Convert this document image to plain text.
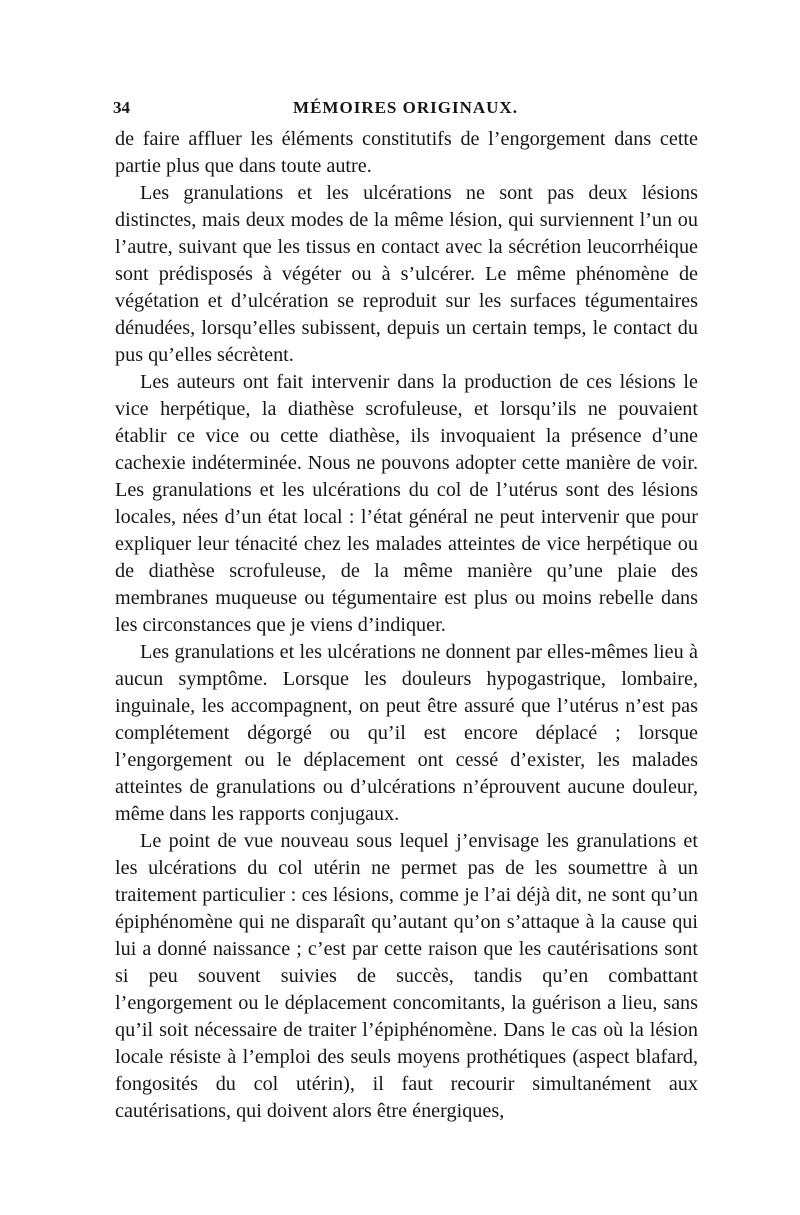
34	MÉMOIRES ORIGINAUX.

de faire affluer les éléments constitutifs de l’engorgement dans cette partie plus que dans toute autre.

Les granulations et les ulcérations ne sont pas deux lésions distinctes, mais deux modes de la même lésion, qui surviennent l’un ou l’autre, suivant que les tissus en contact avec la sécrétion leucorrhéique sont prédisposés à végéter ou à s’ulcérer. Le même phénomène de végétation et d’ulcération se reproduit sur les surfaces tégumentaires dénudées, lorsqu’elles subissent, depuis un certain temps, le contact du pus qu’elles sécrètent.

Les auteurs ont fait intervenir dans la production de ces lésions le vice herpétique, la diathèse scrofuleuse, et lorsqu’ils ne pouvaient établir ce vice ou cette diathèse, ils invoquaient la présence d’une cachexie indéterminée. Nous ne pouvons adopter cette manière de voir. Les granulations et les ulcérations du col de l’utérus sont des lésions locales, nées d’un état local : l’état général ne peut intervenir que pour expliquer leur ténacité chez les malades atteintes de vice herpétique ou de diathèse scrofuleuse, de la même manière qu’une plaie des membranes muqueuse ou tégumentaire est plus ou moins rebelle dans les circonstances que je viens d’indiquer.

Les granulations et les ulcérations ne donnent par elles-mêmes lieu à aucun symptôme. Lorsque les douleurs hypogastrique, lombaire, inguinale, les accompagnent, on peut être assuré que l’utérus n’est pas complétement dégorgé ou qu’il est encore déplacé ; lorsque l’engorgement ou le déplacement ont cessé d’exister, les malades atteintes de granulations ou d’ulcérations n’éprouvent aucune douleur, même dans les rapports conjugaux.

Le point de vue nouveau sous lequel j’envisage les granulations et les ulcérations du col utérin ne permet pas de les soumettre à un traitement particulier : ces lésions, comme je l’ai déjà dit, ne sont qu’un épiphénomène qui ne disparaît qu’autant qu’on s’attaque à la cause qui lui a donné naissance ; c’est par cette raison que les cautérisations sont si peu souvent suivies de succès, tandis qu’en combattant l’engorgement ou le déplacement concomitants, la guérison a lieu, sans qu’il soit nécessaire de traiter l’épiphénomène. Dans le cas où la lésion locale résiste à l’emploi des seuls moyens prothétiques (aspect blafard, fongosités du col utérin), il faut recourir simultanément aux cautérisations, qui doivent alors être énergiques,
